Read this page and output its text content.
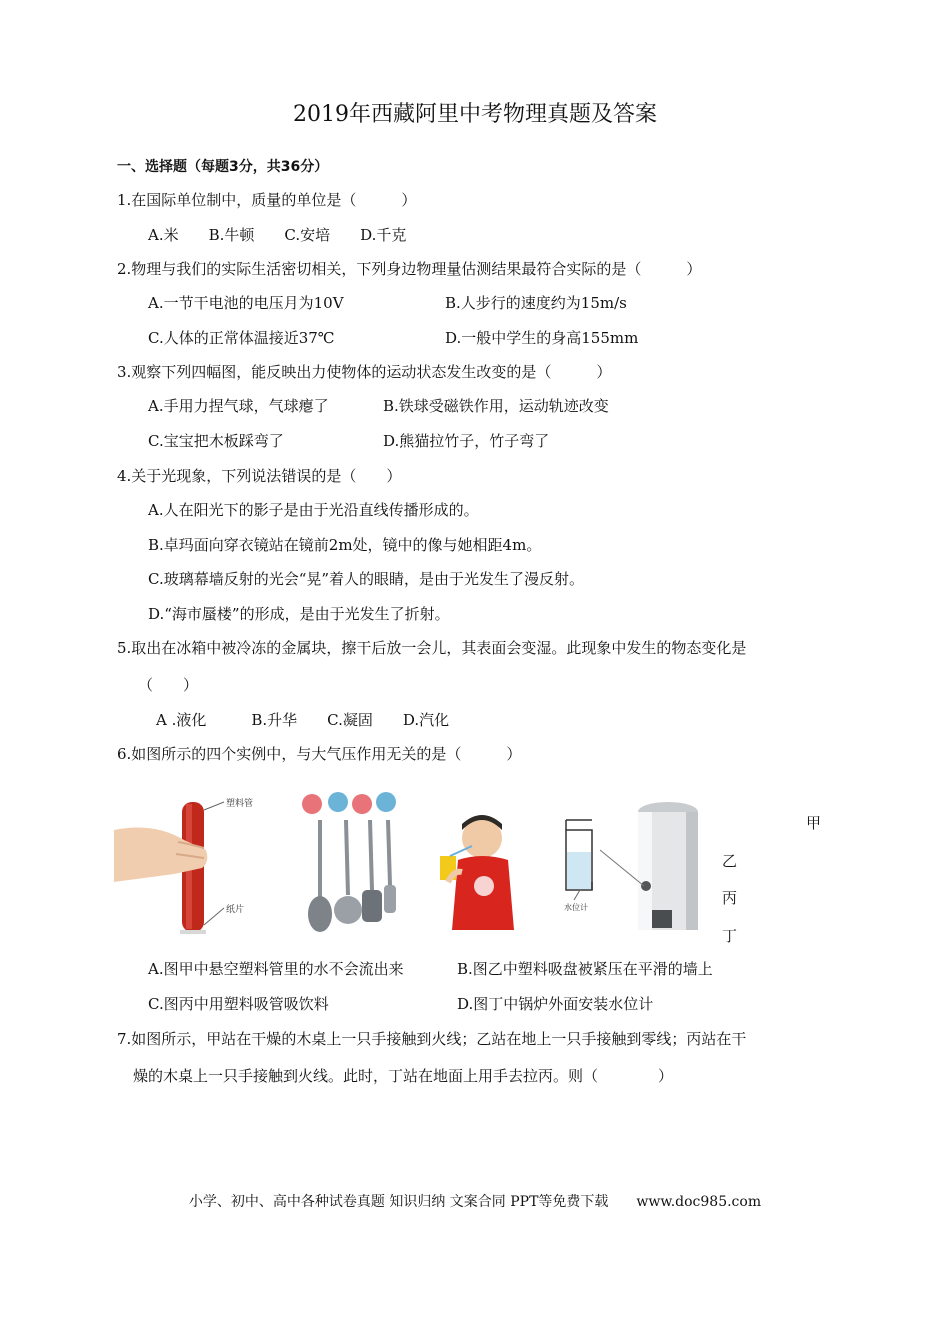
2019年西藏阿里中考物理真题及答案
一、选择题（每题3分，共36分）
1.在国际单位制中，质量的单位是（　　　）
A.米　　B.牛顿　　C.安培　　D.千克
2.物理与我们的实际生活密切相关，下列身边物理量估测结果最符合实际的是（　　　）
A.一节干电池的电压月为10V	B.人步行的速度约为15m/s
C.人体的正常体温接近37℃	D.一般中学生的身高155mm
3.观察下列四幅图，能反映出力使物体的运动状态发生改变的是（　　　）
A.手用力捏气球，气球瘪了	B.铁球受磁铁作用，运动轨迹改变
C.宝宝把木板踩弯了	D.熊猫拉竹子，竹子弯了
4.关于光现象，下列说法错误的是（　　）
A.人在阳光下的影子是由于光沿直线传播形成的。
B.卓玛面向穿衣镜站在镜前2m处，镜中的像与她相距4m。
C.玻璃幕墙反射的光会“晃”着人的眼睛，是由于光发生了漫反射。
D.“海市蜃楼”的形成，是由于光发生了折射。
5.取出在冰箱中被冷冻的金属块，擦干后放一会儿，其表面会变湿。此现象中发生的物态变化是
（　　）
A .液化　　　B.升华　　C.凝固　　D.汽化
6.如图所示的四个实例中，与大气压作用无关的是（　　　）
塑料管
纸片	水位计
甲
乙
丙
丁
A.图甲中悬空塑料管里的水不会流出来	B.图乙中塑料吸盘被紧压在平滑的墙上
C.图丙中用塑料吸管吸饮料	D.图丁中锅炉外面安装水位计
7.如图所示，甲站在干燥的木桌上一只手接触到火线；乙站在地上一只手接触到零线；丙站在干
燥的木桌上一只手接触到火线。此时，丁站在地面上用手去拉丙。则（　　　　）
小学、初中、高中各种试卷真题 知识归纳 文案合同 PPT等免费下载　　www.doc985.com
